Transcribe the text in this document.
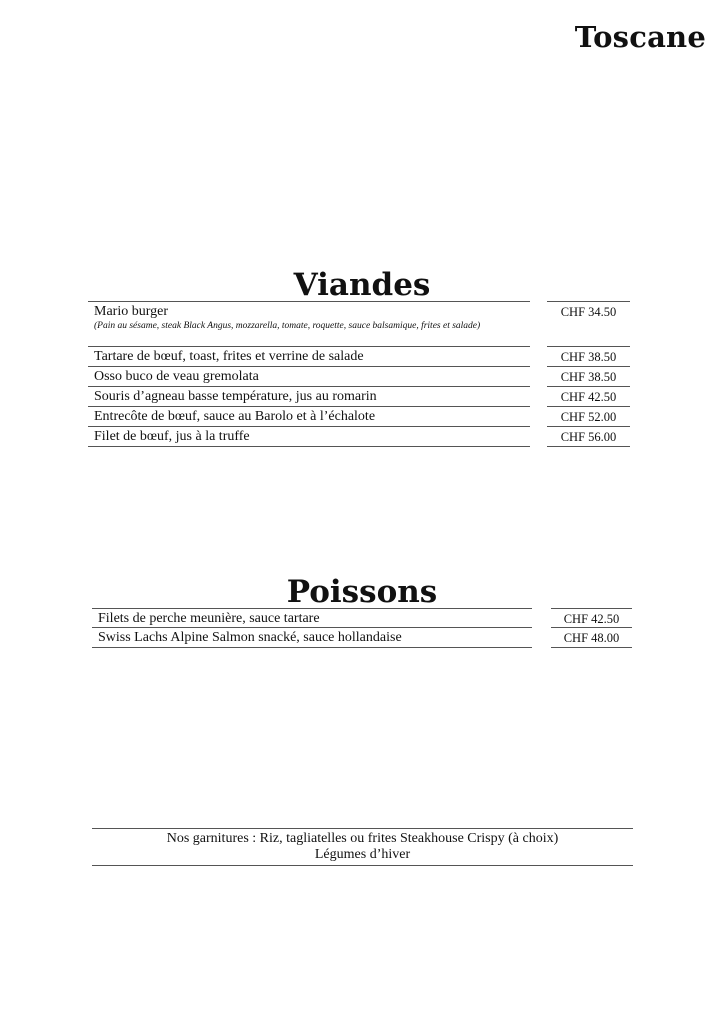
Toscane
Viandes
Mario burger
(Pain au sésame, steak Black Angus, mozzarella, tomate, roquette, sauce balsamique, frites et salade)
Tartare de bœuf, toast, frites et verrine de salade
Osso buco de veau gremolata
Souris d’agneau basse température, jus au romarin
Entrecôte de bœuf, sauce au Barolo et à l’échalote
Filet de bœuf, jus à la truffe
CHF 34.50
CHF 38.50
CHF 38.50
CHF 42.50
CHF 52.00
CHF 56.00
Poissons
Filets de perche meunière, sauce tartare
Swiss Lachs Alpine Salmon snacké, sauce hollandaise
CHF 42.50
CHF 48.00
Nos garnitures : Riz, tagliatelles ou frites Steakhouse Crispy (à choix)
Légumes d’hiver
